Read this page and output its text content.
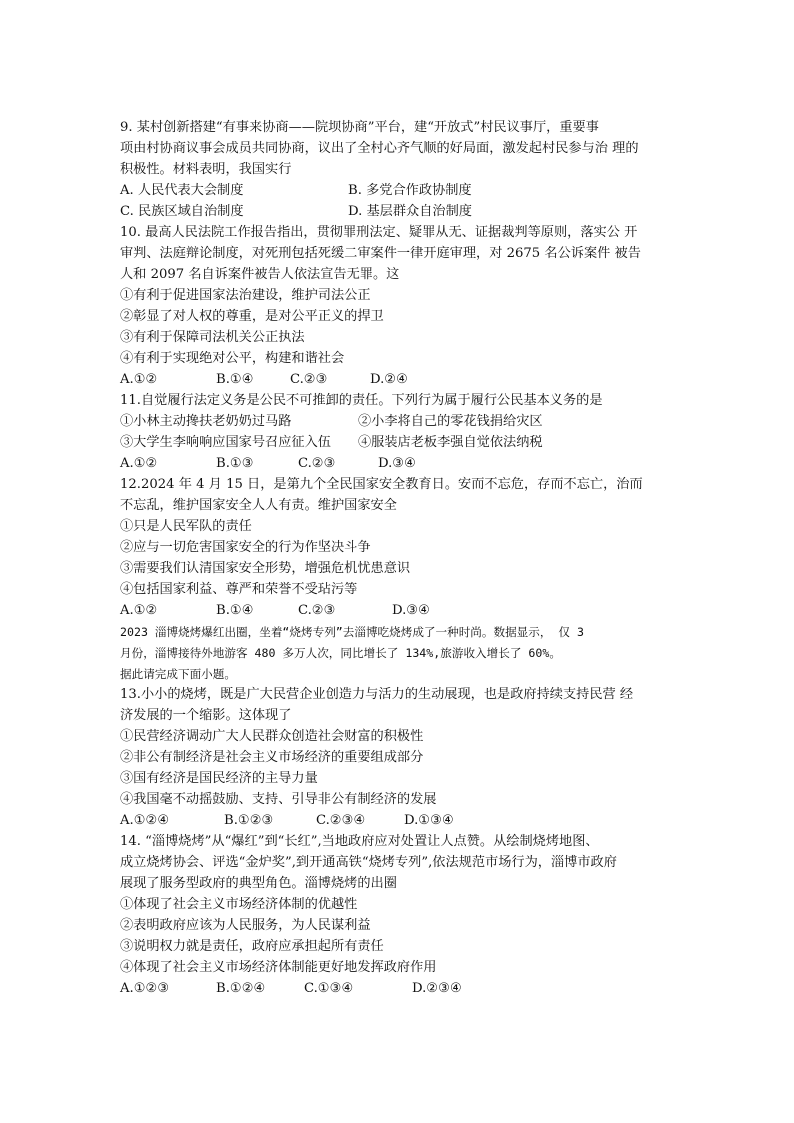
9. 某村创新搭建“有事来协商——院坝协商”平台，建“开放式”村民议事厅，重要事
项由村协商议事会成员共同协商，议出了全村心齐气顺的好局面，激发起村民参与治 理的
积极性。材料表明，我国实行
A. 人民代表大会制度	B. 多党合作政协制度
C. 民族区域自治制度	D. 基层群众自治制度
10. 最高人民法院工作报告指出，贯彻罪刑法定、疑罪从无、证据裁判等原则，落实公 开
审判、法庭辩论制度，对死刑包括死缓二审案件一律开庭审理，对 2675 名公诉案件 被告
人和 2097 名自诉案件被告人依法宣告无罪。这
①有利于促进国家法治建设，维护司法公正
②彰显了对人权的尊重，是对公平正义的捍卫
③有利于保障司法机关公正执法
④有利于实现绝对公平，构建和谐社会
A.①②	B.①④	C.②③	D.②④
11.自觉履行法定义务是公民不可推卸的责任。下列行为属于履行公民基本义务的是
①小林主动搀扶老奶奶过马路	②小李将自己的零花钱捐给灾区
③大学生李响响应国家号召应征入伍 ④服装店老板李强自觉依法纳税
A.①②	B.①③	C.②③	D.③④
12.2024 年 4 月 15 日，是第九个全民国家安全教育日。安而不忘危，存而不忘亡，治而
不忘乱，维护国家安全人人有责。维护国家安全
①只是人民军队的责任
②应与一切危害国家安全的行为作坚决斗争
③需要我们认清国家安全形势，增强危机忧患意识
④包括国家利益、尊严和荣誉不受玷污等
A.①②	B.①④	C.②③	D.③④
2023 淄博烧烤爆红出圈，坐着“烧烤专列”去淄博吃烧烤成了一种时尚。数据显示， 仅 3
月份，淄博接待外地游客 480 多万人次，同比增长了 134%,旅游收入增长了 60%。
据此请完成下面小题。
13.小小的烧烤，既是广大民营企业创造力与活力的生动展现，也是政府持续支持民营 经
济发展的一个缩影。这体现了
①民营经济调动广大人民群众创造社会财富的积极性
②非公有制经济是社会主义市场经济的重要组成部分
③国有经济是国民经济的主导力量
④我国毫不动摇鼓励、支持、引导非公有制经济的发展
A.①②④	B.①②③	C.②③④	D.①③④
14. “淄博烧烤”从“爆红”到“长红”,当地政府应对处置让人点赞。从绘制烧烤地图、
成立烧烤协会、评选“金炉奖”,到开通高铁“烧烤专列”,依法规范市场行为，淄博市政府
展现了服务型政府的典型角色。淄博烧烤的出圈
①体现了社会主义市场经济体制的优越性
②表明政府应该为人民服务，为人民谋利益
③说明权力就是责任，政府应承担起所有责任
④体现了社会主义市场经济体制能更好地发挥政府作用
A.①②③	B.①②④	C.①③④	D.②③④
